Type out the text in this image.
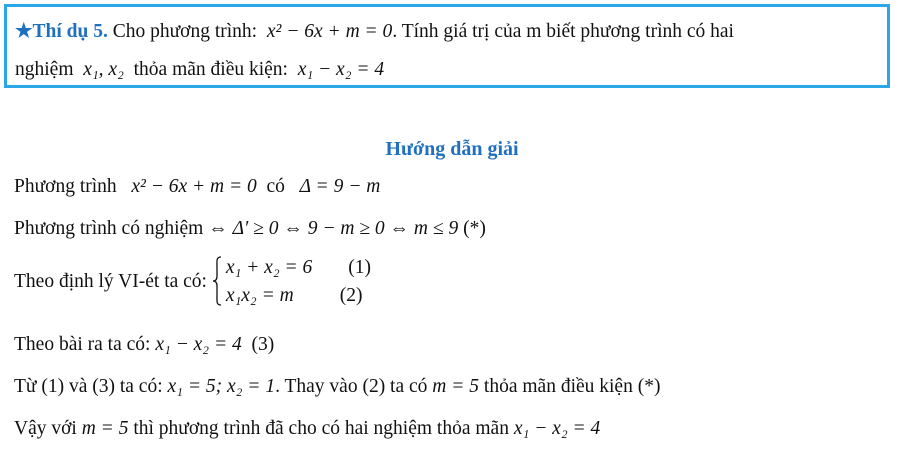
★Thí dụ 5. Cho phương trình: x² − 6x + m = 0. Tính giá trị của m biết phương trình có hai
nghiệm x₁, x₂ thỏa mãn điều kiện: x₁ − x₂ = 4
Hướng dẫn giải
Phương trình x² − 6x + m = 0 có Δ = 9 − m
Phương trình có nghiệm ⇔ Δ′ ≥ 0 ⇔ 9 − m ≥ 0 ⇔ m ≤ 9 (*)
Theo định lý VI-ét ta có:
x₁ + x₂ = 6 (1)
x₁x₂ = m (2)
Theo bài ra ta có: x₁ − x₂ = 4 (3)
Từ (1) và (3) ta có: x₁ = 5; x₂ = 1. Thay vào (2) ta có m = 5 thỏa mãn điều kiện (*)
Vậy với m = 5 thì phương trình đã cho có hai nghiệm thỏa mãn x₁ − x₂ = 4
